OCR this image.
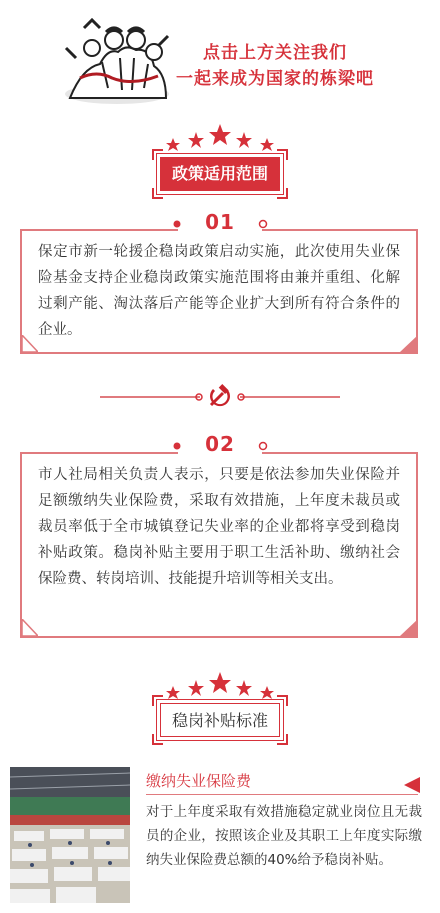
点击上方关注我们
一起来成为国家的栋梁吧
政策适用范围
保定市新一轮援企稳岗政策启动实施，此次使用失业保险基金支持企业稳岗政策实施范围将由兼并重组、化解过剩产能、淘汰落后产能等企业扩大到所有符合条件的企业。
01
市人社局相关负责人表示，只要是依法参加失业保险并足额缴纳失业保险费，采取有效措施，上年度未裁员或裁员率低于全市城镇登记失业率的企业都将享受到稳岗补贴政策。稳岗补贴主要用于职工生活补助、缴纳社会保险费、转岗培训、技能提升培训等相关支出。
02
稳岗补贴标准
缴纳失业保险费
对于上年度采取有效措施稳定就业岗位且无裁员的企业，按照该企业及其职工上年度实际缴纳失业保险费总额的40%给予稳岗补贴。
